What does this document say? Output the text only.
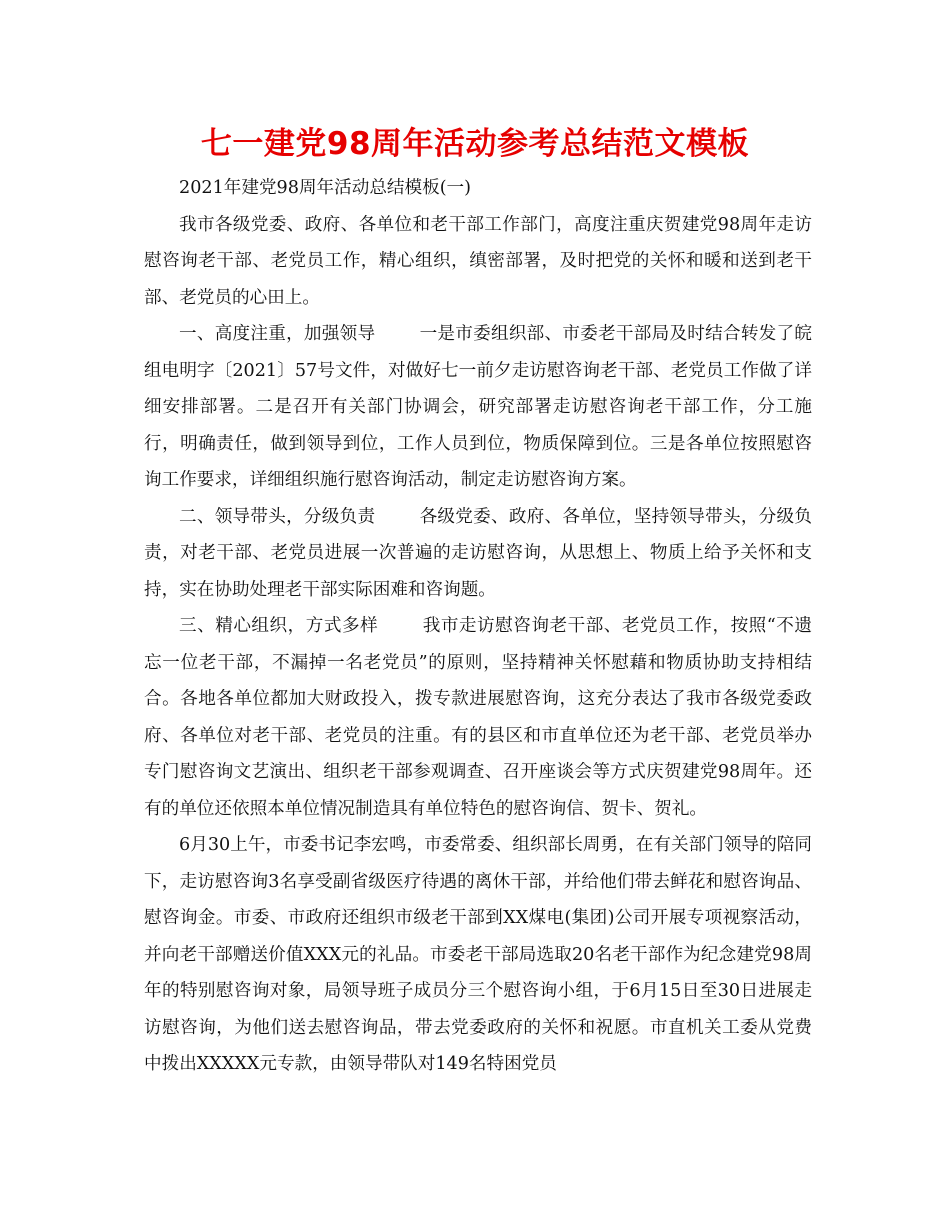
七一建党98周年活动参考总结范文模板

2021年建党98周年活动总结模板(一)

我市各级党委、政府、各单位和老干部工作部门，高度注重庆贺建党98周年走访慰咨询老干部、老党员工作，精心组织，缜密部署，及时把党的关怀和暖和送到老干部、老党员的心田上。

一、高度注重，加强领导	一是市委组织部、市委老干部局及时结合转发了皖组电明字〔2021〕57号文件，对做好七一前夕走访慰咨询老干部、老党员工作做了详细安排部署。二是召开有关部门协调会，研究部署走访慰咨询老干部工作，分工施行，明确责任，做到领导到位，工作人员到位，物质保障到位。三是各单位按照慰咨询工作要求，详细组织施行慰咨询活动，制定走访慰咨询方案。

二、领导带头，分级负责	各级党委、政府、各单位，坚持领导带头，分级负责，对老干部、老党员进展一次普遍的走访慰咨询，从思想上、物质上给予关怀和支持，实在协助处理老干部实际困难和咨询题。

三、精心组织，方式多样	我市走访慰咨询老干部、老党员工作，按照“不遗忘一位老干部，不漏掉一名老党员”的原则，坚持精神关怀慰藉和物质协助支持相结合。各地各单位都加大财政投入，拨专款进展慰咨询，这充分表达了我市各级党委政府、各单位对老干部、老党员的注重。有的县区和市直单位还为老干部、老党员举办专门慰咨询文艺演出、组织老干部参观调查、召开座谈会等方式庆贺建党98周年。还有的单位还依照本单位情况制造具有单位特色的慰咨询信、贺卡、贺礼。

6月30上午，市委书记李宏鸣，市委常委、组织部长周勇，在有关部门领导的陪同下，走访慰咨询3名享受副省级医疗待遇的离休干部，并给他们带去鲜花和慰咨询品、慰咨询金。市委、市政府还组织市级老干部到XX煤电(集团)公司开展专项视察活动，并向老干部赠送价值XXX元的礼品。市委老干部局选取20名老干部作为纪念建党98周年的特别慰咨询对象，局领导班子成员分三个慰咨询小组，于6月15日至30日进展走访慰咨询，为他们送去慰咨询品，带去党委政府的关怀和祝愿。市直机关工委从党费中拨出XXXXX元专款，由领导带队对149名特困党员
